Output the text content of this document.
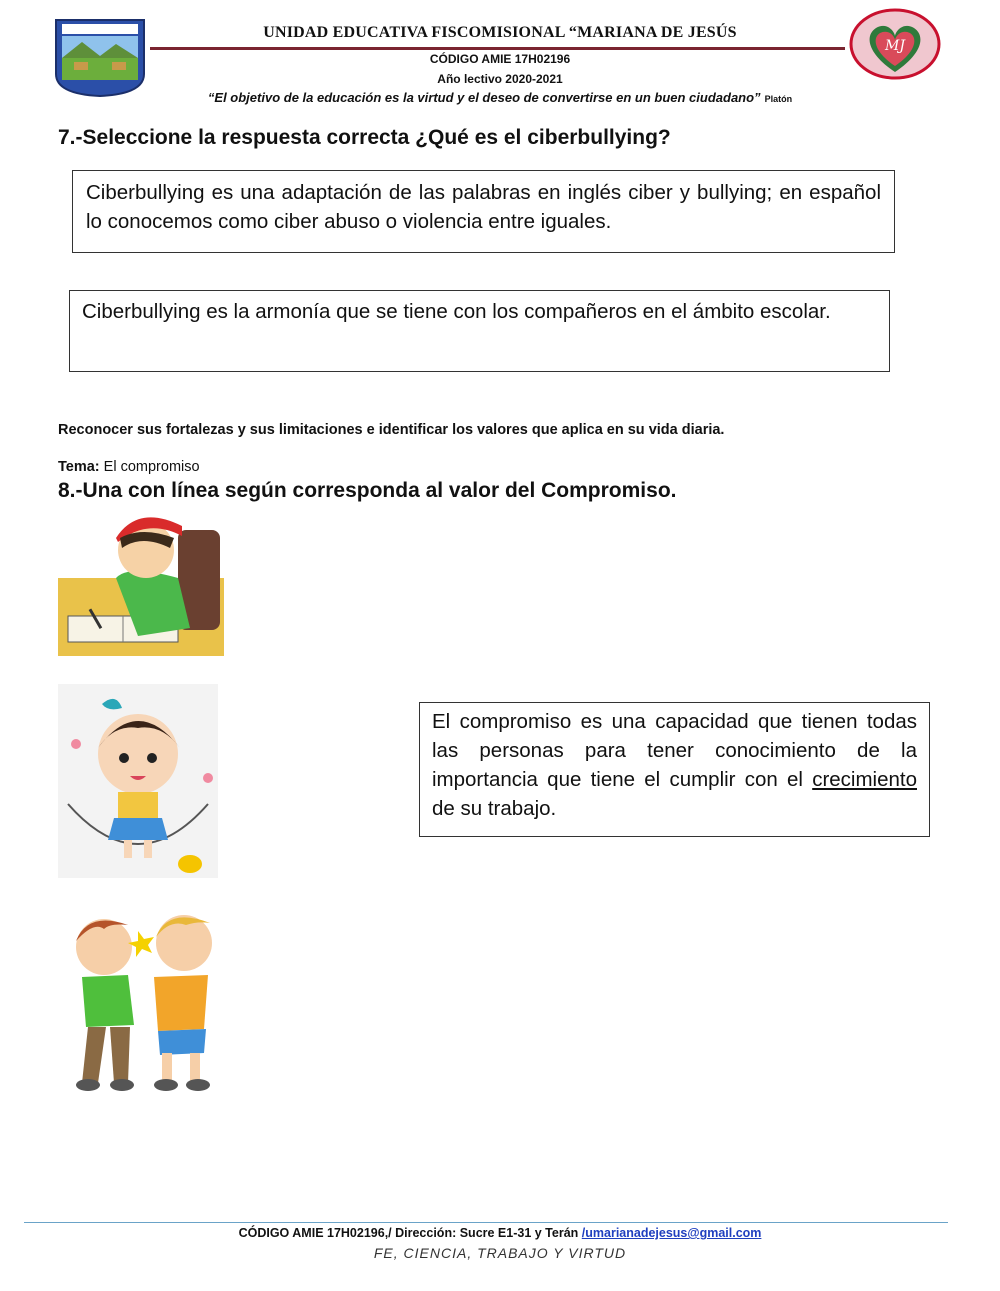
MJ
UNIDAD EDUCATIVA FISCOMISIONAL “MARIANA DE JESÚS
CÓDIGO AMIE 17H02196
Año lectivo 2020-2021
“El objetivo de la educación es la virtud y el deseo de convertirse en un buen ciudadano” Platón
7.-Seleccione la respuesta correcta ¿Qué es el ciberbullying?
Ciberbullying es una adaptación de las palabras en inglés ciber y bullying; en español lo conocemos como ciber abuso o violencia entre iguales.
Ciberbullying es la armonía que se tiene con los compañeros en el ámbito escolar.
Reconocer sus fortalezas y sus limitaciones e identificar los valores que aplica en su vida diaria.
Tema: El compromiso
8.-Una con línea según corresponda al valor del Compromiso.
El compromiso es una capacidad que tienen todas las personas para tener conocimiento de la importancia que tiene el cumplir con el crecimiento de su trabajo.
CÓDIGO AMIE 17H02196,/ Dirección: Sucre E1-31 y Terán /umarianadejesus@gmail.com
FE, CIENCIA, TRABAJO Y VIRTUD
